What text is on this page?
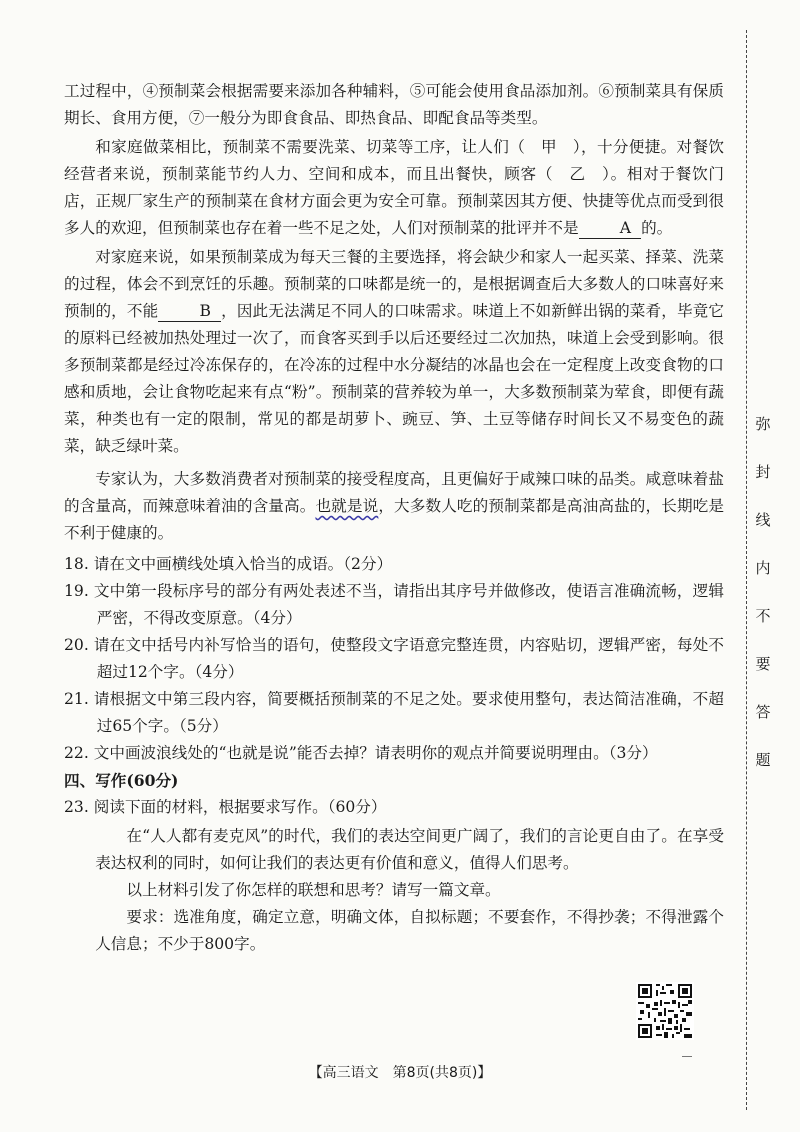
工过程中，④预制菜会根据需要来添加各种辅料，⑤可能会使用食品添加剂。⑥预制菜具有保质期长、食用方便，⑦一般分为即食食品、即热食品、即配食品等类型。

和家庭做菜相比，预制菜不需要洗菜、切菜等工序，让人们（　甲　），十分便捷。对餐饮经营者来说，预制菜能节约人力、空间和成本，而且出餐快，顾客（　乙　）。相对于餐饮门店，正规厂家生产的预制菜在食材方面会更为安全可靠。预制菜因其方便、快捷等优点而受到很多人的欢迎，但预制菜也存在着一些不足之处，人们对预制菜的批评并不是	A 的。

对家庭来说，如果预制菜成为每天三餐的主要选择，将会缺少和家人一起买菜、择菜、洗菜的过程，体会不到烹饪的乐趣。预制菜的口味都是统一的，是根据调查后大多数人的口味喜好来预制的，不能	B ，因此无法满足不同人的口味需求。味道上不如新鲜出锅的菜肴，毕竟它的原料已经被加热处理过一次了，而食客买到手以后还要经过二次加热，味道上会受到影响。很多预制菜都是经过冷冻保存的，在冷冻的过程中水分凝结的冰晶也会在一定程度上改变食物的口感和质地，会让食物吃起来有点“粉”。预制菜的营养较为单一，大多数预制菜为荤食，即便有蔬菜，种类也有一定的限制，常见的都是胡萝卜、豌豆、笋、土豆等储存时间长又不易变色的蔬菜，缺乏绿叶菜。

专家认为，大多数消费者对预制菜的接受程度高，且更偏好于咸辣口味的品类。咸意味着盐的含量高，而辣意味着油的含量高。也就是说，大多数人吃的预制菜都是高油高盐的，长期吃是不利于健康的。

18. 请在文中画横线处填入恰当的成语。（2分）

19. 文中第一段标序号的部分有两处表述不当，请指出其序号并做修改，使语言准确流畅，逻辑严密，不得改变原意。（4分）

20. 请在文中括号内补写恰当的语句，使整段文字语意完整连贯，内容贴切，逻辑严密，每处不超过12个字。（4分）

21. 请根据文中第三段内容，简要概括预制菜的不足之处。要求使用整句，表达简洁准确，不超过65个字。（5分）

22. 文中画波浪线处的“也就是说”能否去掉？请表明你的观点并简要说明理由。（3分）

四、写作(60分)

23. 阅读下面的材料，根据要求写作。（60分）

在“人人都有麦克风”的时代，我们的表达空间更广阔了，我们的言论更自由了。在享受表达权利的同时，如何让我们的表达更有价值和意义，值得人们思考。

以上材料引发了你怎样的联想和思考？请写一篇文章。

要求：选准角度，确定立意，明确文体，自拟标题；不要套作，不得抄袭；不得泄露个人信息；不少于800字。

弥
封
线
内
不
要
答
题
【高三语文　第8页(共8页)】
